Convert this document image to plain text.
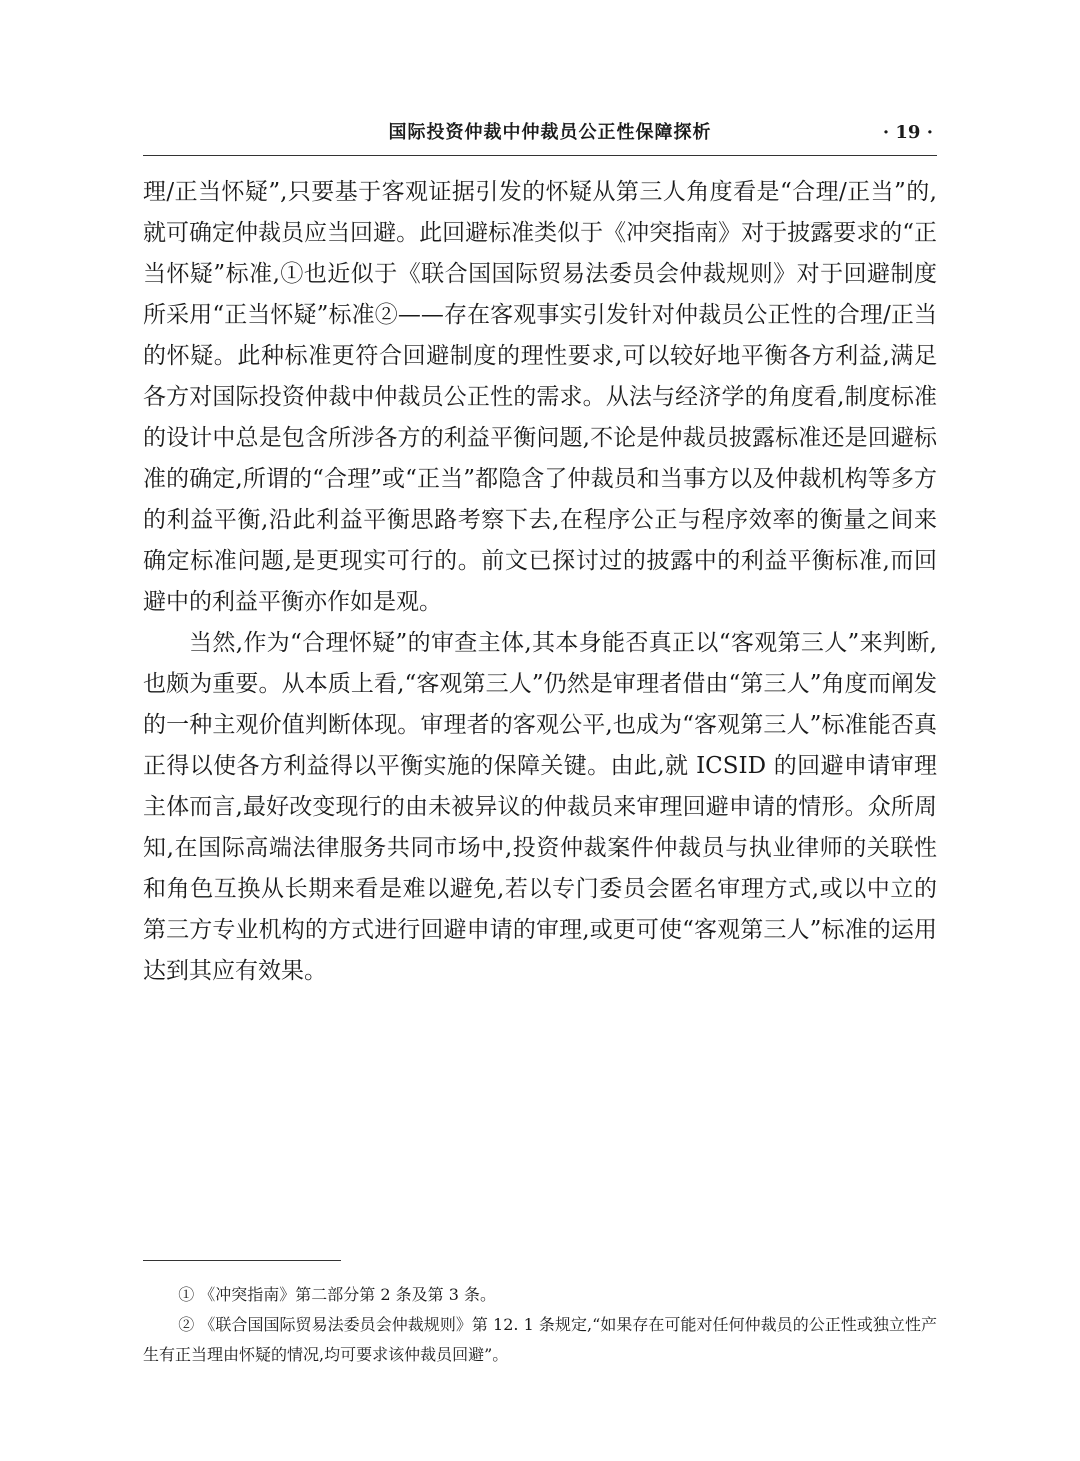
国际投资仲裁中仲裁员公正性保障探析	· 19 ·

理/正当怀疑”,只要基于客观证据引发的怀疑从第三人角度看是“合理/正当”的,就可确定仲裁员应当回避。此回避标准类似于《冲突指南》对于披露要求的“正当怀疑”标准,①也近似于《联合国国际贸易法委员会仲裁规则》对于回避制度所采用“正当怀疑”标准②——存在客观事实引发针对仲裁员公正性的合理/正当的怀疑。此种标准更符合回避制度的理性要求,可以较好地平衡各方利益,满足各方对国际投资仲裁中仲裁员公正性的需求。从法与经济学的角度看,制度标准的设计中总是包含所涉各方的利益平衡问题,不论是仲裁员披露标准还是回避标准的确定,所谓的“合理”或“正当”都隐含了仲裁员和当事方以及仲裁机构等多方的利益平衡,沿此利益平衡思路考察下去,在程序公正与程序效率的衡量之间来确定标准问题,是更现实可行的。前文已探讨过的披露中的利益平衡标准,而回避中的利益平衡亦作如是观。

当然,作为“合理怀疑”的审查主体,其本身能否真正以“客观第三人”来判断,也颇为重要。从本质上看,“客观第三人”仍然是审理者借由“第三人”角度而阐发的一种主观价值判断体现。审理者的客观公平,也成为“客观第三人”标准能否真正得以使各方利益得以平衡实施的保障关键。由此,就 ICSID 的回避申请审理主体而言,最好改变现行的由未被异议的仲裁员来审理回避申请的情形。众所周知,在国际高端法律服务共同市场中,投资仲裁案件仲裁员与执业律师的关联性和角色互换从长期来看是难以避免,若以专门委员会匿名审理方式,或以中立的第三方专业机构的方式进行回避申请的审理,或更可使“客观第三人”标准的运用达到其应有效果。

① 《冲突指南》第二部分第 2 条及第 3 条。

② 《联合国国际贸易法委员会仲裁规则》第 12. 1 条规定,“如果存在可能对任何仲裁员的公正性或独立性产生有正当理由怀疑的情况,均可要求该仲裁员回避”。
